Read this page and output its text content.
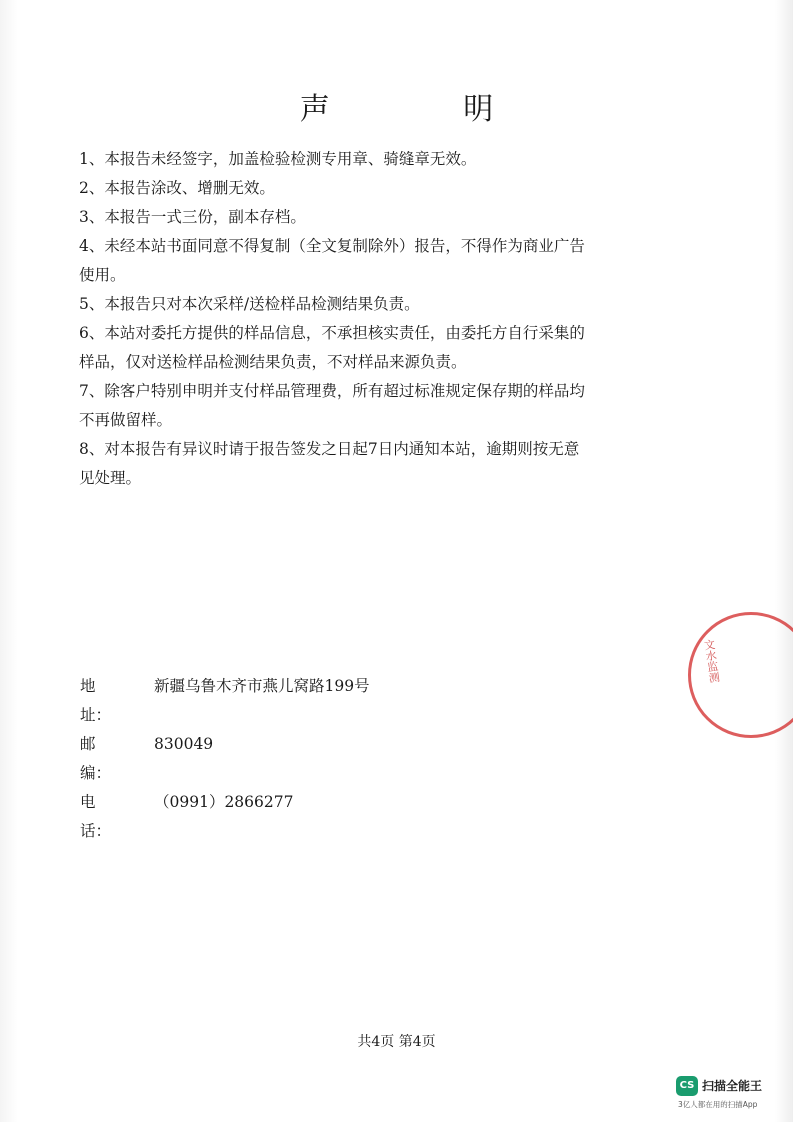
声 明
1、本报告未经签字，加盖检验检测专用章、骑缝章无效。
2、本报告涂改、增删无效。
3、本报告一式三份，副本存档。
4、未经本站书面同意不得复制（全文复制除外）报告，不得作为商业广告
使用。
5、本报告只对本次采样/送检样品检测结果负责。
6、本站对委托方提供的样品信息，不承担核实责任，由委托方自行采集的
样品，仅对送检样品检测结果负责，不对样品来源负责。
7、除客户特别申明并支付样品管理费，所有超过标准规定保存期的样品均
不再做留样。
8、对本报告有异议时请于报告签发之日起7日内通知本站，逾期则按无意
见处理。
地址：
新疆乌鲁木齐市燕儿窝路199号
邮编：
830049
电话：
（0991）2866277
文水监测
共4页 第4页
CS 扫描全能王
3亿人都在用的扫描App
